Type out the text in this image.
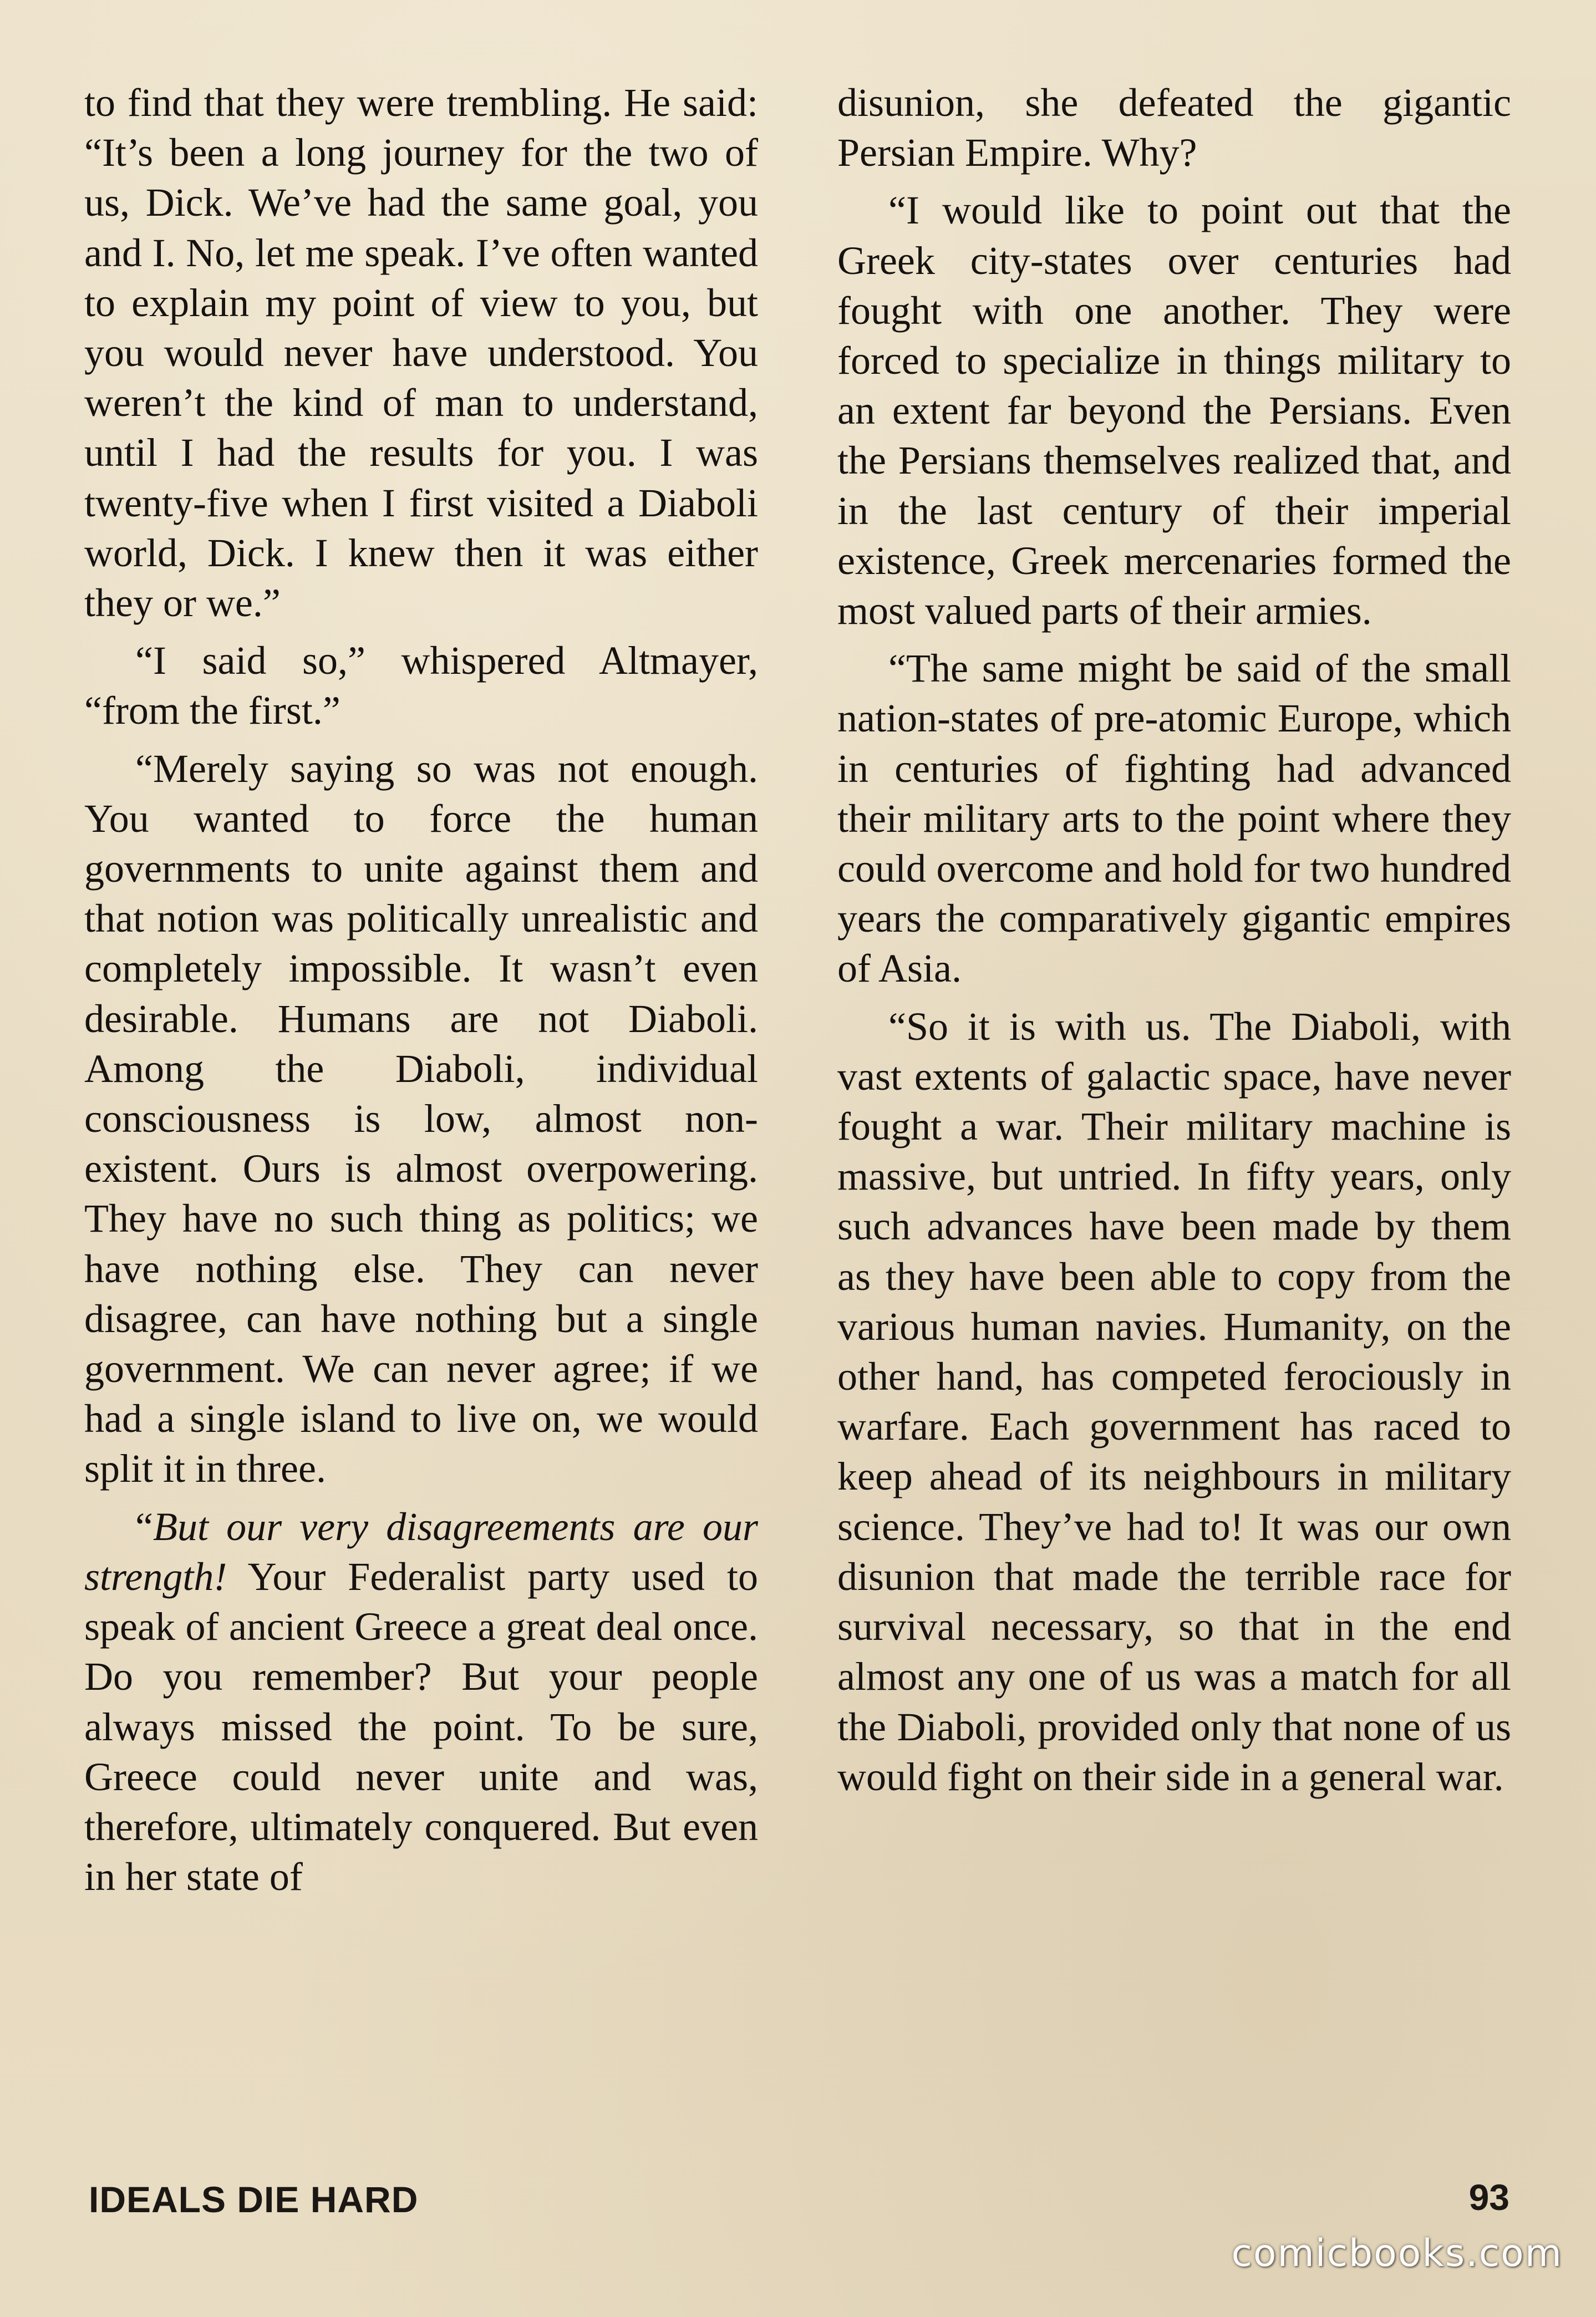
to find that they were trembling. He said: “It’s been a long journey for the two of us, Dick. We’ve had the same goal, you and I. No, let me speak. I’ve often wanted to explain my point of view to you, but you would never have understood. You weren’t the kind of man to understand, until I had the results for you. I was twenty-five when I first visited a Diaboli world, Dick. I knew then it was either they or we.”

“I said so,” whispered Altmayer, “from the first.”

“Merely saying so was not enough. You wanted to force the human governments to unite against them and that notion was politically unrealistic and completely impossible. It wasn’t even desirable. Humans are not Diaboli. Among the Diaboli, individual consciousness is low, almost non-existent. Ours is almost overpowering. They have no such thing as politics; we have nothing else. They can never disagree, can have nothing but a single government. We can never agree; if we had a single island to live on, we would split it in three.

“But our very disagreements are our strength! Your Federalist party used to speak of ancient Greece a great deal once. Do you remember? But your people always missed the point. To be sure, Greece could never unite and was, therefore, ultimately conquered. But even in her state of

disunion, she defeated the gigantic Persian Empire. Why?

“I would like to point out that the Greek city-states over centuries had fought with one another. They were forced to specialize in things military to an extent far beyond the Persians. Even the Persians themselves realized that, and in the last century of their imperial existence, Greek mercenaries formed the most valued parts of their armies.

“The same might be said of the small nation-states of pre-atomic Europe, which in centuries of fighting had advanced their military arts to the point where they could overcome and hold for two hundred years the comparatively gigantic empires of Asia.

“So it is with us. The Diaboli, with vast extents of galactic space, have never fought a war. Their military machine is massive, but untried. In fifty years, only such advances have been made by them as they have been able to copy from the various human navies. Humanity, on the other hand, has competed ferociously in warfare. Each government has raced to keep ahead of its neighbours in military science. They’ve had to! It was our own disunion that made the terrible race for survival necessary, so that in the end almost any one of us was a match for all the Diaboli, provided only that none of us would fight on their side in a general war.

IDEALS DIE HARD	93
comicbooks.com
